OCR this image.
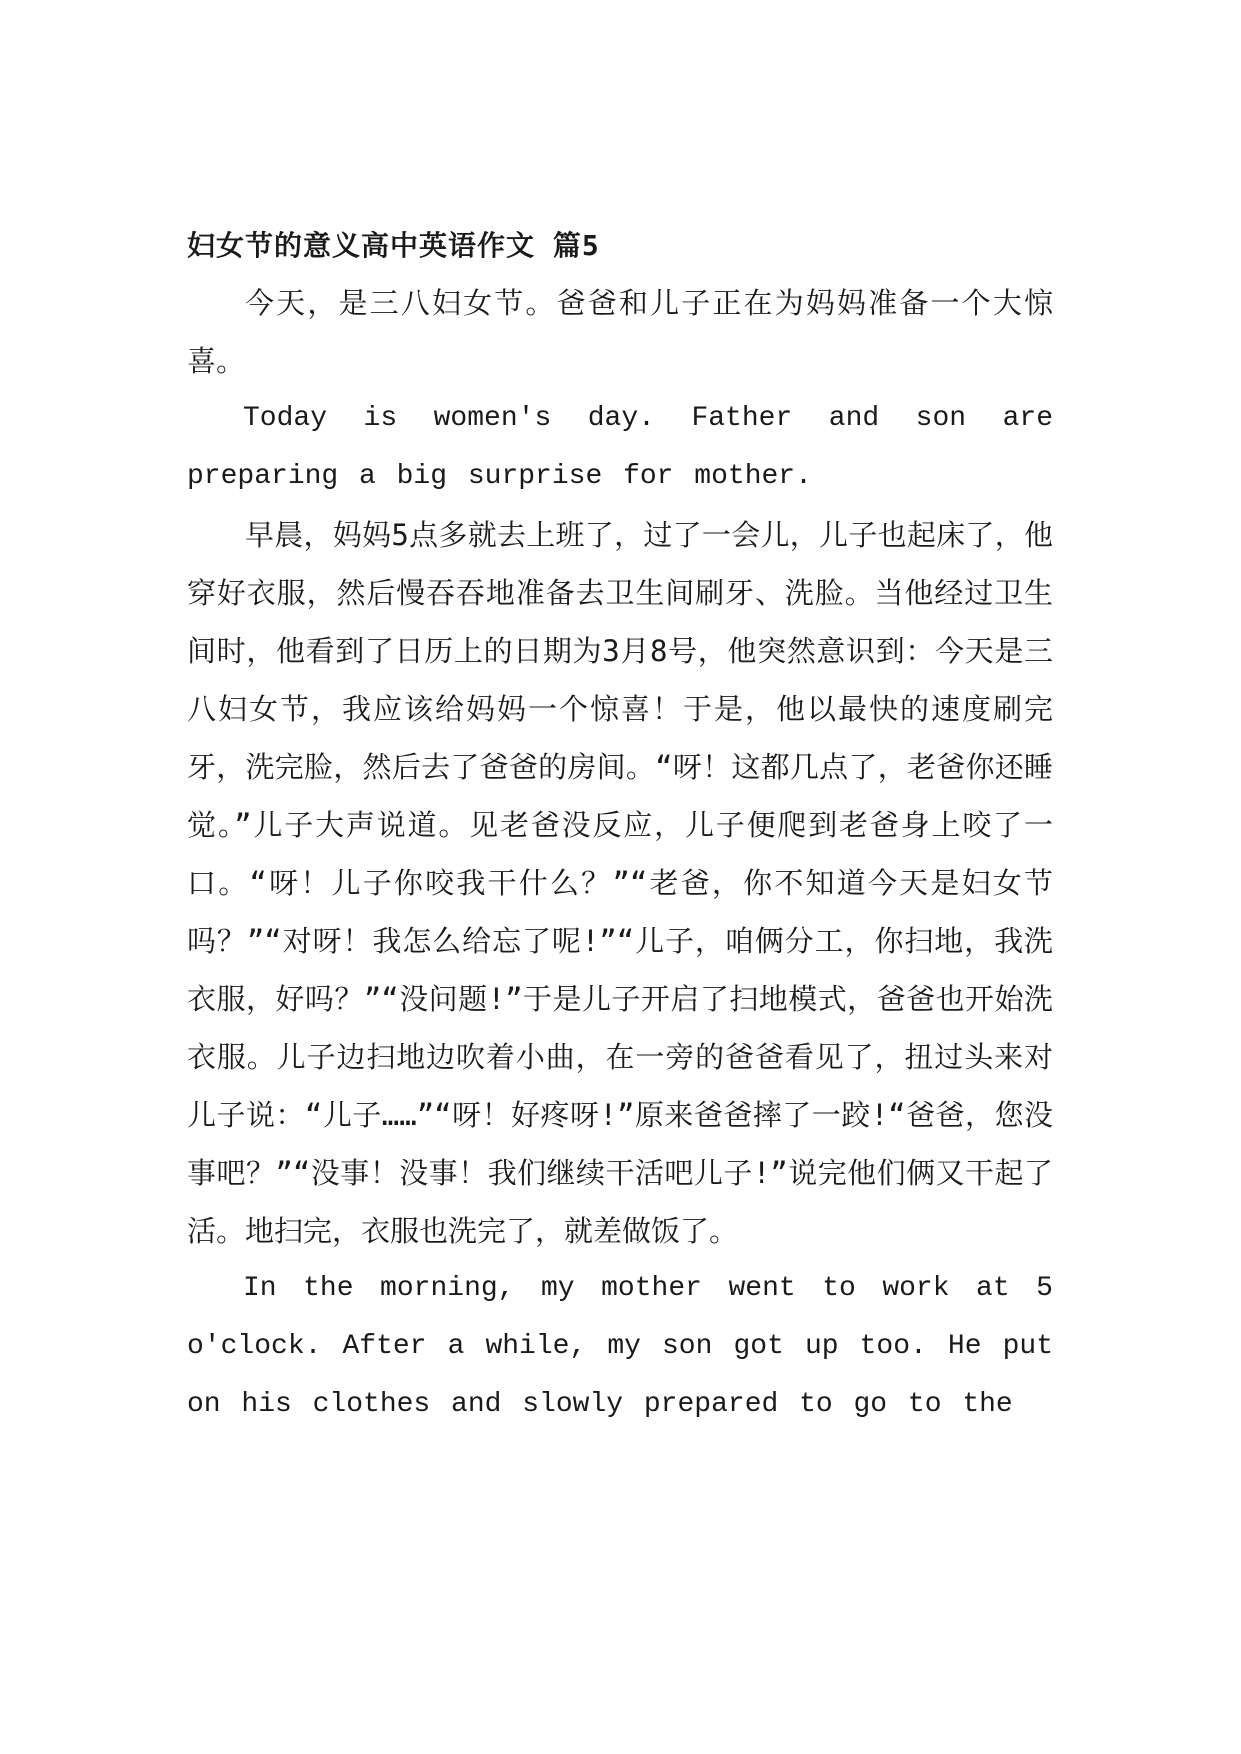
妇女节的意义高中英语作文 篇5

今天，是三八妇女节。爸爸和儿子正在为妈妈准备一个大惊喜。

Today is women's day. Father and son are preparing a big surprise for mother.

早晨，妈妈5点多就去上班了，过了一会儿，儿子也起床了，他穿好衣服，然后慢吞吞地准备去卫生间刷牙、洗脸。当他经过卫生间时，他看到了日历上的日期为3月8号，他突然意识到：今天是三八妇女节，我应该给妈妈一个惊喜！于是，他以最快的速度刷完牙，洗完脸，然后去了爸爸的房间。“呀！这都几点了，老爸你还睡觉。”儿子大声说道。见老爸没反应，儿子便爬到老爸身上咬了一口。“呀！儿子你咬我干什么？”“老爸，你不知道今天是妇女节吗？”“对呀！我怎么给忘了呢!”“儿子，咱俩分工，你扫地，我洗衣服，好吗？”“没问题!”于是儿子开启了扫地模式，爸爸也开始洗衣服。儿子边扫地边吹着小曲，在一旁的爸爸看见了，扭过头来对儿子说：“儿子……”“呀！好疼呀!”原来爸爸摔了一跤!“爸爸，您没事吧？”“没事！没事！我们继续干活吧儿子!”说完他们俩又干起了活。地扫完，衣服也洗完了，就差做饭了。

In the morning, my mother went to work at 5 o'clock. After a while, my son got up too. He put on his clothes and slowly prepared to go to the
